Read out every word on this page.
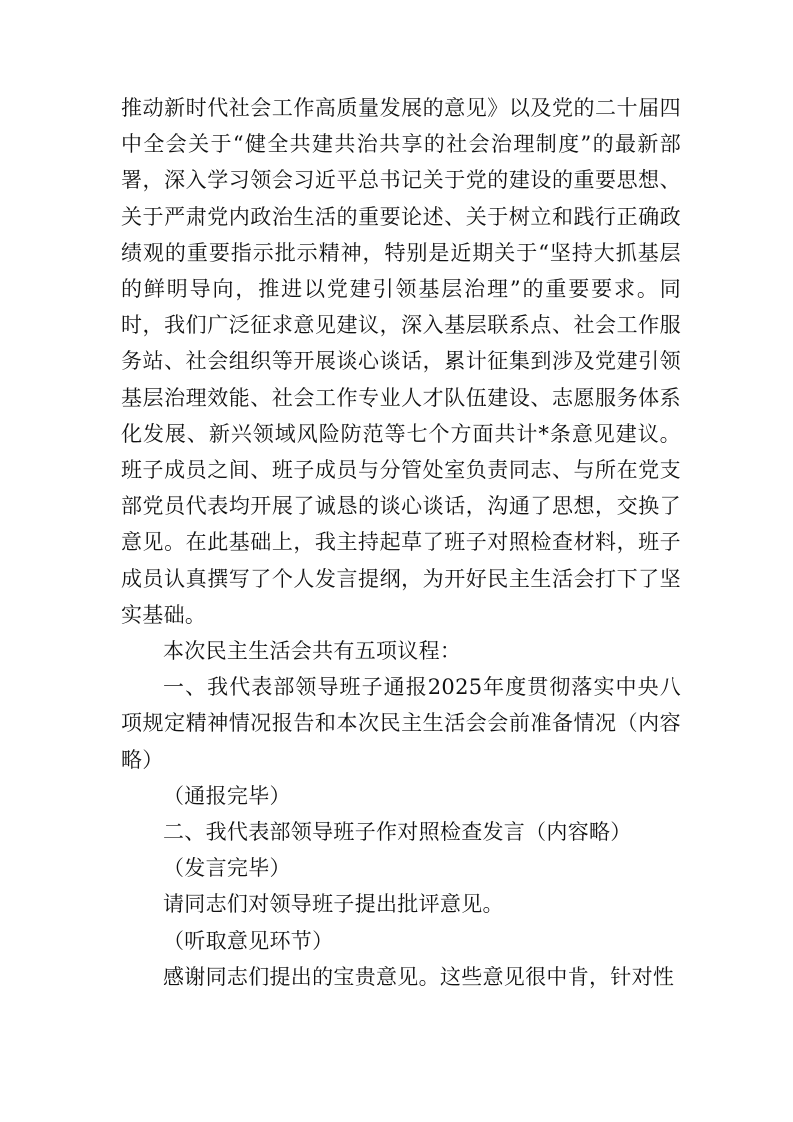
推动新时代社会工作高质量发展的意见》以及党的二十届四中全会关于“健全共建共治共享的社会治理制度”的最新部署，深入学习领会习近平总书记关于党的建设的重要思想、关于严肃党内政治生活的重要论述、关于树立和践行正确政绩观的重要指示批示精神，特别是近期关于“坚持大抓基层的鲜明导向，推进以党建引领基层治理”的重要要求。同时，我们广泛征求意见建议，深入基层联系点、社会工作服务站、社会组织等开展谈心谈话，累计征集到涉及党建引领基层治理效能、社会工作专业人才队伍建设、志愿服务体系化发展、新兴领域风险防范等七个方面共计*条意见建议。班子成员之间、班子成员与分管处室负责同志、与所在党支部党员代表均开展了诚恳的谈心谈话，沟通了思想，交换了意见。在此基础上，我主持起草了班子对照检查材料，班子成员认真撰写了个人发言提纲，为开好民主生活会打下了坚实基础。

本次民主生活会共有五项议程：

一、我代表部领导班子通报2025年度贯彻落实中央八项规定精神情况报告和本次民主生活会会前准备情况（内容略）

（通报完毕）

二、我代表部领导班子作对照检查发言（内容略）

（发言完毕）

请同志们对领导班子提出批评意见。

（听取意见环节）

感谢同志们提出的宝贵意见。这些意见很中肯，针对性
